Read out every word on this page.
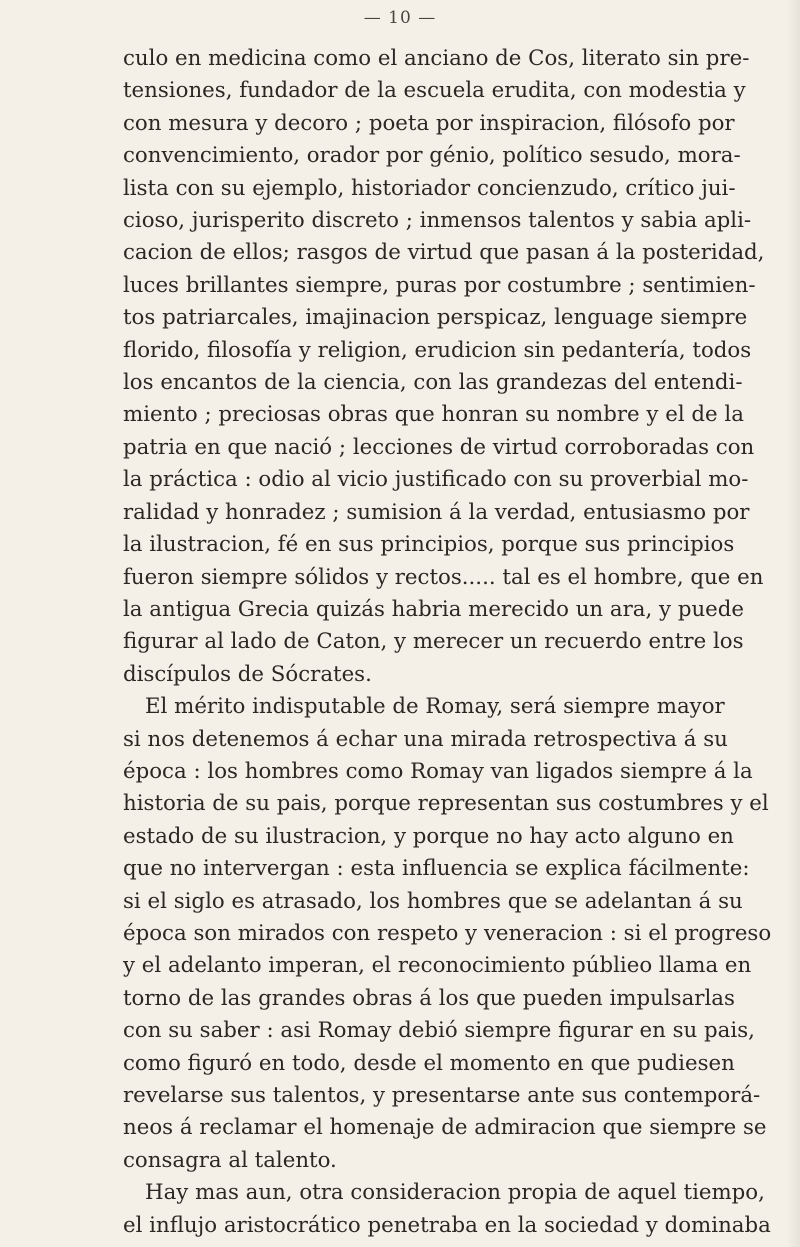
— 10 —
culo en medicina como el anciano de Cos, literato sin pre-
tensiones, fundador de la escuela erudita, con modestia y
con mesura y decoro ; poeta por inspiracion, filósofo por
convencimiento, orador por génio, político sesudo, mora-
lista con su ejemplo, historiador concienzudo, crítico jui-
cioso, jurisperito discreto ; inmensos talentos y sabia apli-
cacion de ellos; rasgos de virtud que pasan á la posteridad,
luces brillantes siempre, puras por costumbre ; sentimien-
tos patriarcales, imajinacion perspicaz, lenguage siempre
florido, filosofía y religion, erudicion sin pedantería, todos
los encantos de la ciencia, con las grandezas del entendi-
miento ; preciosas obras que honran su nombre y el de la
patria en que nació ; lecciones de virtud corroboradas con
la práctica : odio al vicio justificado con su proverbial mo-
ralidad y honradez ; sumision á la verdad, entusiasmo por
la ilustracion, fé en sus principios, porque sus principios
fueron siempre sólidos y rectos..... tal es el hombre, que en
la antigua Grecia quizás habria merecido un ara, y puede
figurar al lado de Caton, y merecer un recuerdo entre los
discípulos de Sócrates.
El mérito indisputable de Romay, será siempre mayor
si nos detenemos á echar una mirada retrospectiva á su
época : los hombres como Romay van ligados siempre á la
historia de su pais, porque representan sus costumbres y el
estado de su ilustracion, y porque no hay acto alguno en
que no intervergan : esta influencia se explica fácilmente:
si el siglo es atrasado, los hombres que se adelantan á su
época son mirados con respeto y veneracion : si el progreso
y el adelanto imperan, el reconocimiento públieo llama en
torno de las grandes obras á los que pueden impulsarlas
con su saber : asi Romay debió siempre figurar en su pais,
como figuró en todo, desde el momento en que pudiesen
revelarse sus talentos, y presentarse ante sus contemporá-
neos á reclamar el homenaje de admiracion que siempre se
consagra al talento.
Hay mas aun, otra consideracion propia de aquel tiempo,
el influjo aristocrático penetraba en la sociedad y dominaba
